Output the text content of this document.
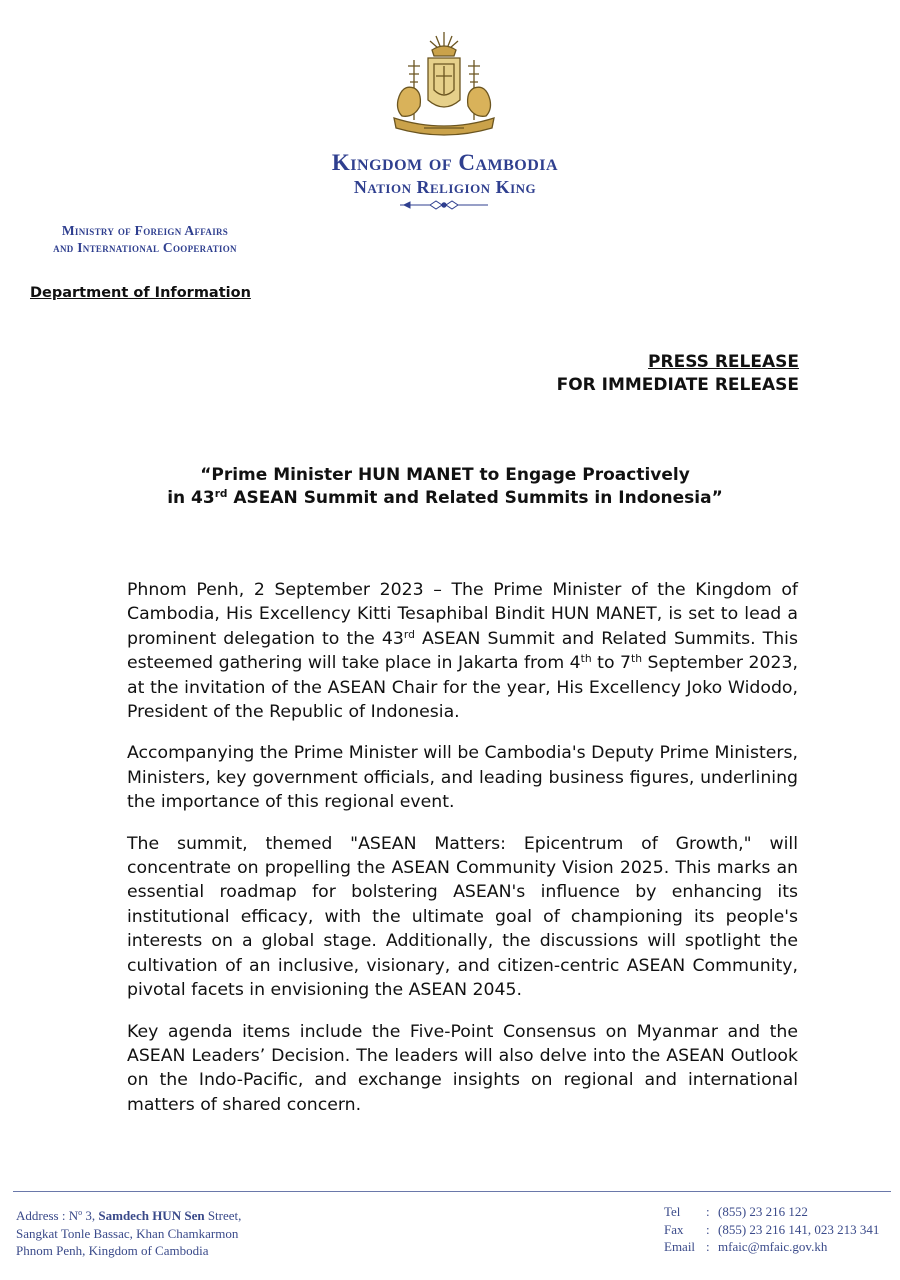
Kingdom of Cambodia
Nation Religion King
Ministry of Foreign Affairs
and International Cooperation
Department of Information
PRESS RELEASE
FOR IMMEDIATE RELEASE
“Prime Minister HUN MANET to Engage Proactively
in 43rd ASEAN Summit and Related Summits in Indonesia”

Phnom Penh, 2 September 2023 – The Prime Minister of the Kingdom of Cambodia, His Excellency Kitti Tesaphibal Bindit HUN MANET, is set to lead a prominent delegation to the 43rd ASEAN Summit and Related Summits. This esteemed gathering will take place in Jakarta from 4th to 7th September 2023, at the invitation of the ASEAN Chair for the year, His Excellency Joko Widodo, President of the Republic of Indonesia.

Accompanying the Prime Minister will be Cambodia's Deputy Prime Ministers, Ministers, key government officials, and leading business figures, underlining the importance of this regional event.

The summit, themed "ASEAN Matters: Epicentrum of Growth," will concentrate on propelling the ASEAN Community Vision 2025. This marks an essential roadmap for bolstering ASEAN's influence by enhancing its institutional efficacy, with the ultimate goal of championing its people's interests on a global stage. Additionally, the discussions will spotlight the cultivation of an inclusive, visionary, and citizen-centric ASEAN Community, pivotal facets in envisioning the ASEAN 2045.

Key agenda items include the Five-Point Consensus on Myanmar and the ASEAN Leaders’ Decision. The leaders will also delve into the ASEAN Outlook on the Indo-Pacific, and exchange insights on regional and international matters of shared concern.

Address : $N^o$ 3, Samdech HUN Sen Street,
Sangkat Tonle Bassac, Khan Chamkarmon
Phnom Penh, Kingdom of Cambodia
Tel	: (855) 23 216 122
Fax	: (855) 23 216 141, 023 213 341
Email : mfaic@mfaic.gov.kh
